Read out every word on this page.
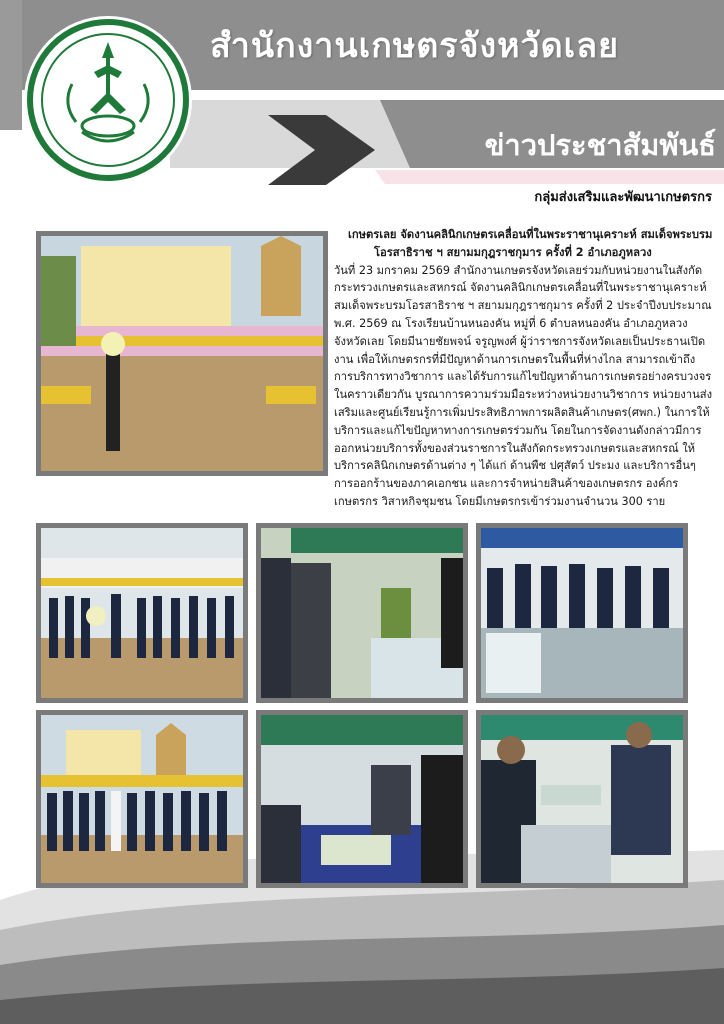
สำนักงานเกษตรจังหวัดเลย
ข่าวประชาสัมพันธ์
กลุ่มส่งเสริมและพัฒนาเกษตรกร
เกษตรเลย จัดงานคลินิกเกษตรเคลื่อนที่ในพระราชานุเคราะห์ สมเด็จพระบรม
โอรสาธิราช ฯ สยามมกุฎราชกุมาร ครั้งที่ 2 อำเภอภูหลวง

วันที่ 23 มกราคม 2569 สำนักงานเกษตรจังหวัดเลยร่วมกับหน่วยงานในสังกัดกระทรวงเกษตรและสหกรณ์ จัดงานคลินิกเกษตรเคลื่อนที่ในพระราชานุเคราะห์ สมเด็จพระบรมโอรสาธิราช ฯ สยามมกุฎราชกุมาร ครั้งที่ 2 ประจำปีงบประมาณ พ.ศ. 2569 ณ โรงเรียนบ้านหนองคัน หมู่ที่ 6 ตำบลหนองคัน อำเภอภูหลวง จังหวัดเลย โดยมีนายชัยพจน์ จรูญพงศ์ ผู้ว่าราชการจังหวัดเลยเป็นประธานเปิดงาน เพื่อให้เกษตรกรที่มีปัญหาด้านการเกษตรในพื้นที่ห่างไกล สามารถเข้าถึงการบริการทางวิชาการ และได้รับการแก้ไขปัญหาด้านการเกษตรอย่างครบวงจรในคราวเดียวกัน บูรณาการความร่วมมือระหว่างหน่วยงานวิชาการ หน่วยงานส่งเสริมและศูนย์เรียนรู้การเพิ่มประสิทธิภาพการผลิตสินค้าเกษตร(ศพก.) ในการให้บริการและแก้ไขปัญหาทางการเกษตรร่วมกัน โดยในการจัดงานดังกล่าวมีการออกหน่วยบริการทั้งของส่วนราชการในสังกัดกระทรวงเกษตรและสหกรณ์ ให้บริการคลินิกเกษตรด้านต่าง ๆ ได้แก่ ด้านพืช ปศุสัตว์ ประมง และบริการอื่นๆ การออกร้านของภาคเอกชน และการจำหน่ายสินค้าของเกษตรกร องค์กรเกษตรกร วิสาหกิจชุมชน โดยมีเกษตรกรเข้าร่วมงานจำนวน 300 ราย
